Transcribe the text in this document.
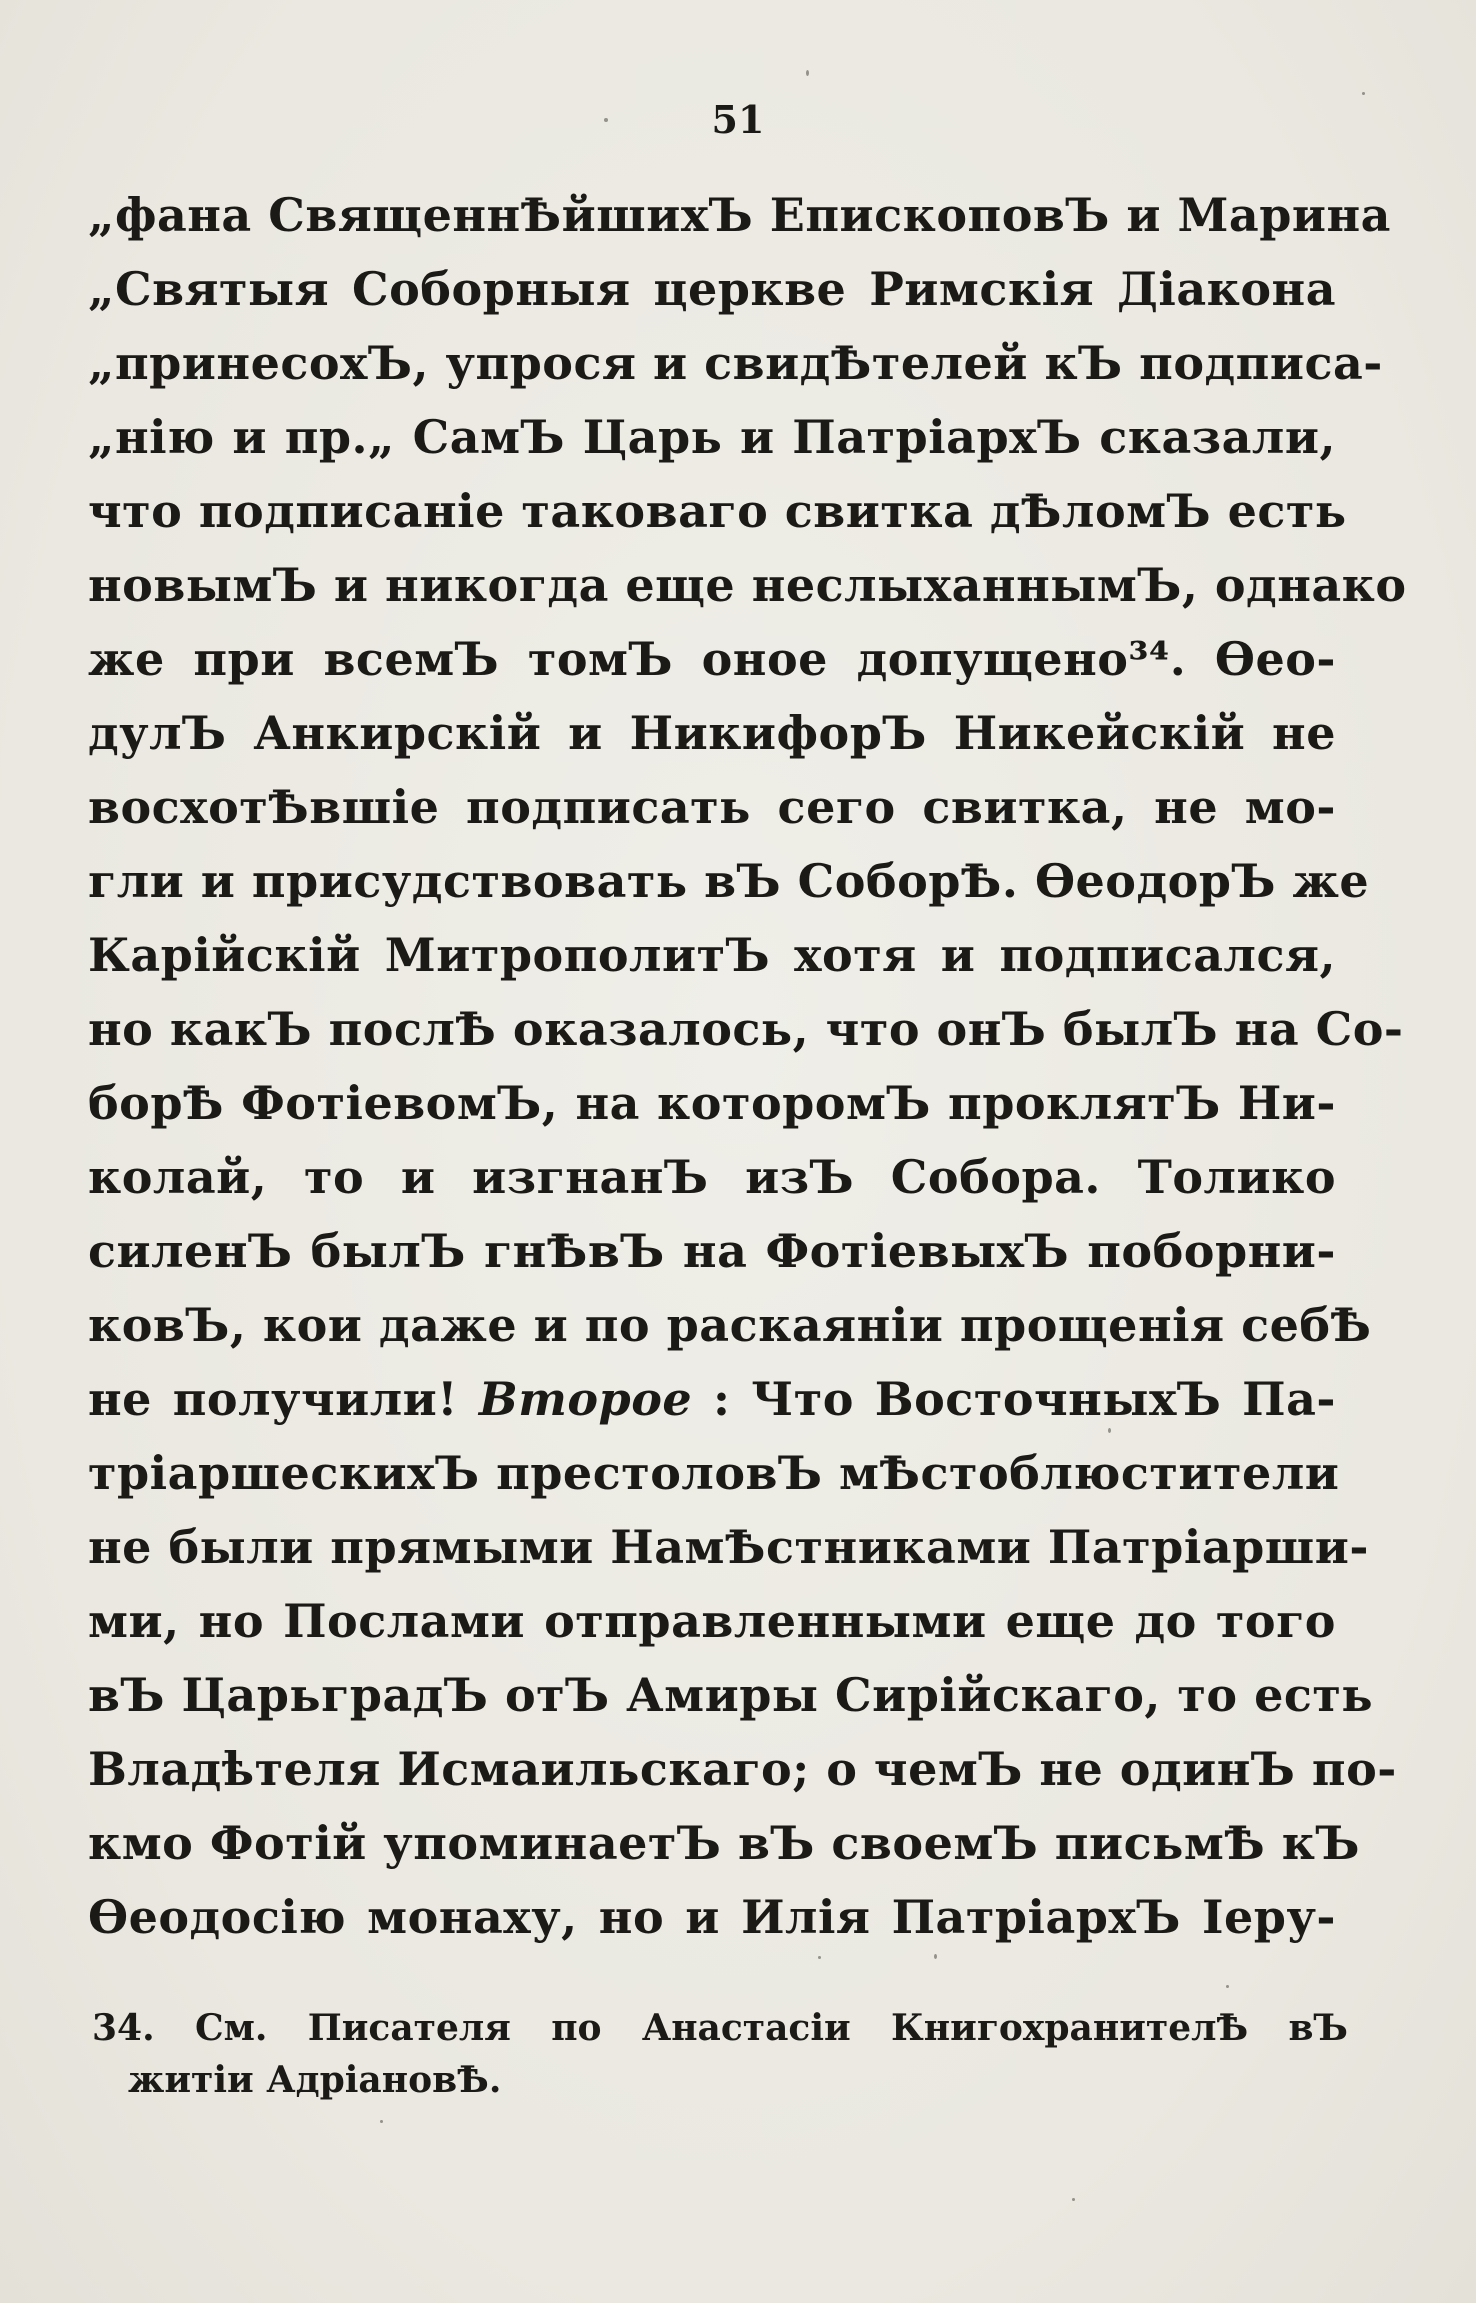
51
„фана СвященнѢйшихЪ ЕпископовЪ и Марина
„Святыя Соборныя церкве Римскія Діакона
„принесохЪ, упрося и свидѢтелей кЪ подписа-
„нію и пр.„ СамЪ Царь и ПатріархЪ сказали,
что подписаніе таковаго свитка дѢломЪ есть
новымЪ и никогда еще неслыханнымЪ, однако
же при всемЪ томЪ оное допущено³⁴. Ѳео-
дулЪ Анкирскій и НикифорЪ Никейскій не
восхотѢвшіе подписать сего свитка, не мо-
гли и присудствовать вЪ СоборѢ. ѲеодорЪ же
Карійскій МитрополитЪ хотя и подписался,
но какЪ послѢ оказалось, что онЪ былЪ на Со-
борѢ ФотіевомЪ, на которомЪ проклятЪ Ни-
колай, то и изгнанЪ изЪ Собора. Толико
силенЪ былЪ гнѢвЪ на ФотіевыхЪ поборни-
ковЪ, кои даже и по раскаяніи прощенія себѢ
не получили! Второе : Что ВосточныхЪ Па-
тріаршескихЪ престоловЪ мѢстоблюстители
не были прямыми НамѢстниками Патріарши-
ми, но Послами отправленными еще до того
вЪ ЦарьградЪ отЪ Амиры Сирійскаго, то есть
Владѣтеля Исмаильскаго; о чемЪ не одинЪ по-
кмо Фотій упоминаетЪ вЪ своемЪ письмѢ кЪ
Ѳеодосію монаху, но и Илія ПатріархЪ Іеру-
34. См. Писателя по Анастасіи КнигохранителѢ вЪ
житіи АдріановѢ.
